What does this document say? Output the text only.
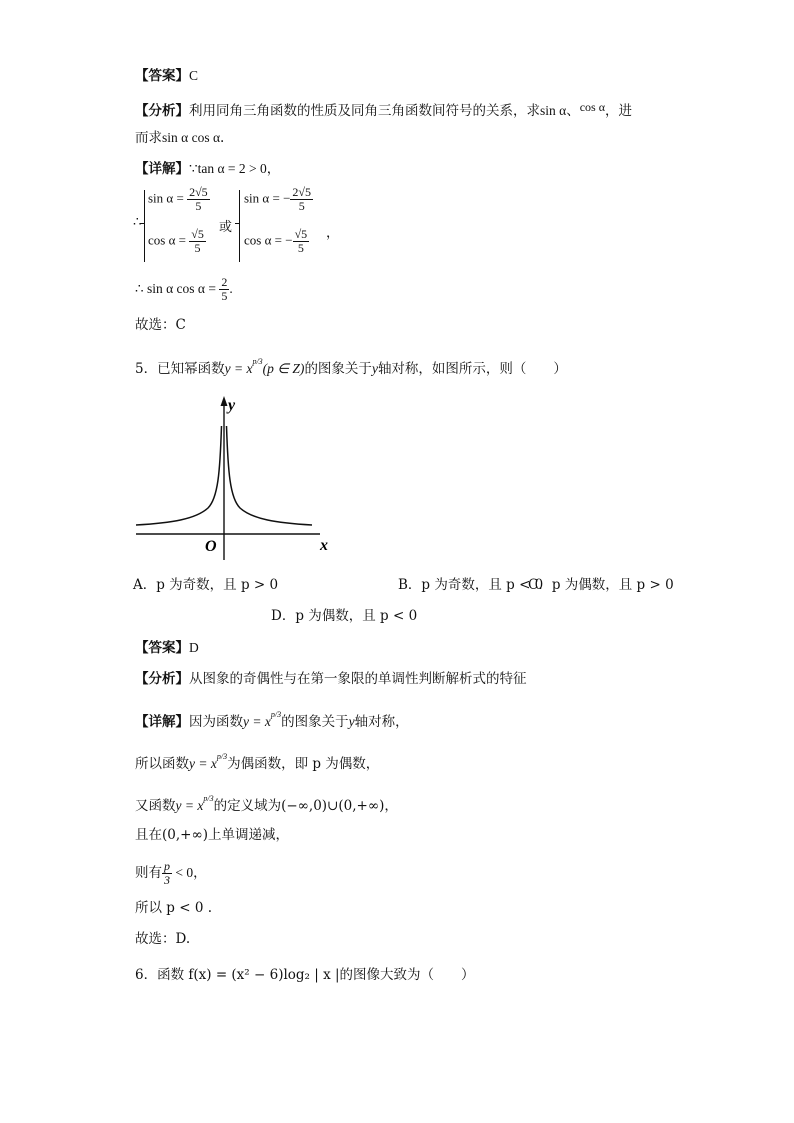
【答案】C
【分析】利用同角三角函数的性质及同角三角函数间符号的关系，求sin α、cos α，进
而求sin α cos α.
【详解】∵tan α = 2 > 0，
∴
$\sin \alpha = \frac{2√5}{5}$
$\cos \alpha = \frac{√5}{5}$
或
sin α = − $\frac{2√5}{5}$
cos α = − $\frac{√5}{5}$ ，
∴ sin α $\cos \alpha = \frac{2}{5}$ .
故选：C
5．已知幂函数$y = x^{p/3}(p$ ∈ Z)的图象关于y轴对称，如图所示，则（　　）
y
x
O
A．p 为奇数，且 p > 0	B．p 为奇数，且 p < 0
C．p 为偶数，且 p > 0
D．p 为偶数，且 p < 0
【答案】D
【分析】从图象的奇偶性与在第一象限的单调性判断解析式的特征
【详解】因为函数$y = x^{p/3}$的图象关于y轴对称，
所以函数$y = x^{p/3}$为偶函数，即 p 为偶数，
又函数$y = x^{p/3}$的定义域为(−∞,0)∪(0,+∞)，
且在(0,+∞)上单调递减，
则有 $\frac{p}{3} < 0$，
所以 p < 0 .
故选：D.
6．函数 f(x) = (x² − 6)log₂ | x |的图像大致为（　　）
